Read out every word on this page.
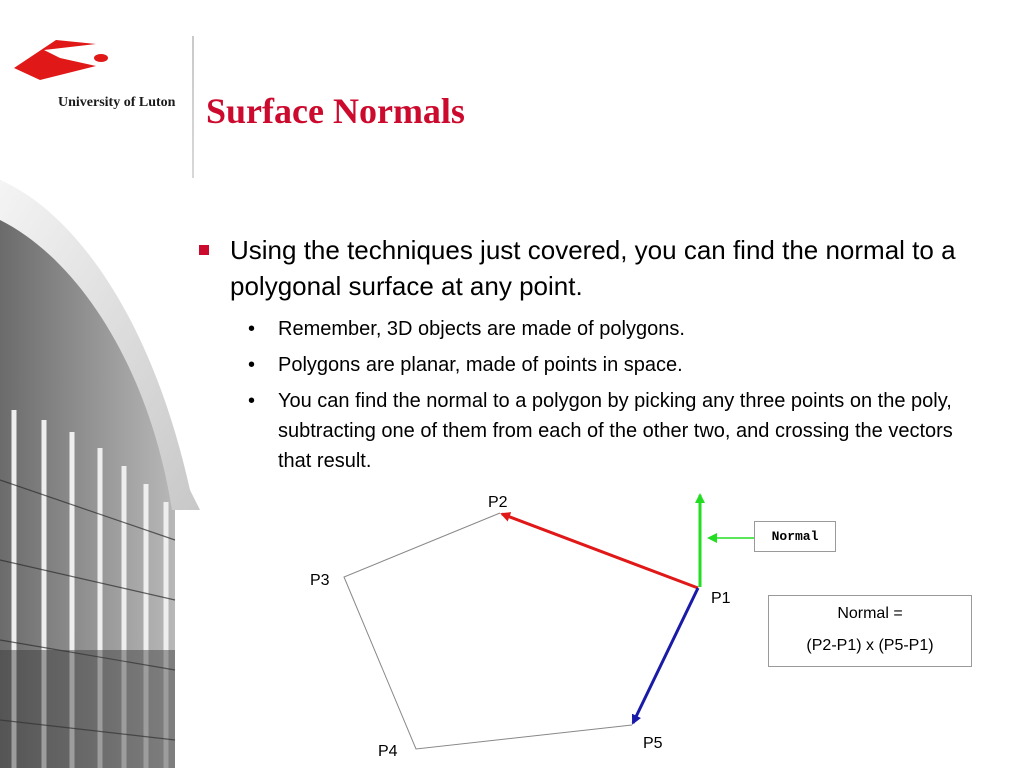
University of Luton Surface Normals
Using the techniques just covered, you can find the normal to a polygonal surface at any point.
• Remember, 3D objects are made of polygons.
• Polygons are planar, made of points in space.
• You can find the normal to a polygon by picking any three points on the poly, subtracting one of them from each of the other two, and crossing the vectors that result.
P2
P3
P1
P4	P5
Normal
Normal =
(P2-P1) x (P5-P1)
